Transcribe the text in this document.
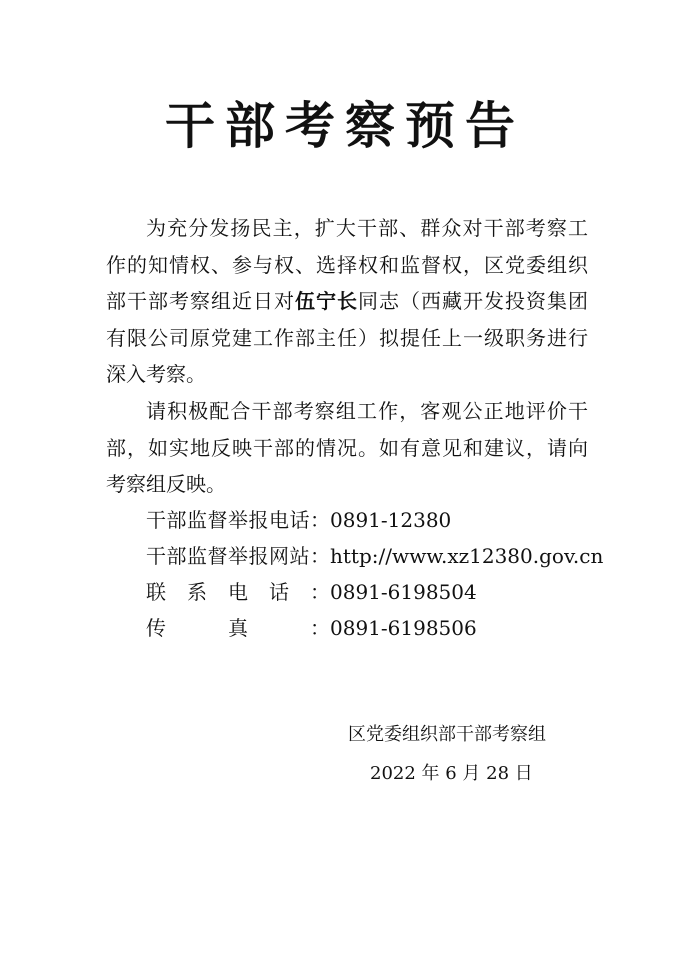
干部考察预告
为充分发扬民主，扩大干部、群众对干部考察工
作的知情权、参与权、选择权和监督权，区党委组织
部干部考察组近日对伍宁长同志（西藏开发投资集团
有限公司原党建工作部主任）拟提任上一级职务进行
深入考察。
请积极配合干部考察组工作，客观公正地评价干
部，如实地反映干部的情况。如有意见和建议，请向
考察组反映。
干部监督举报电话：0891-12380
干部监督举报网站：http://www.xz12380.gov.cn
联系电话：0891-6198504
传真：0891-6198506
区党委组织部干部考察组
2022 年 6 月 28 日
